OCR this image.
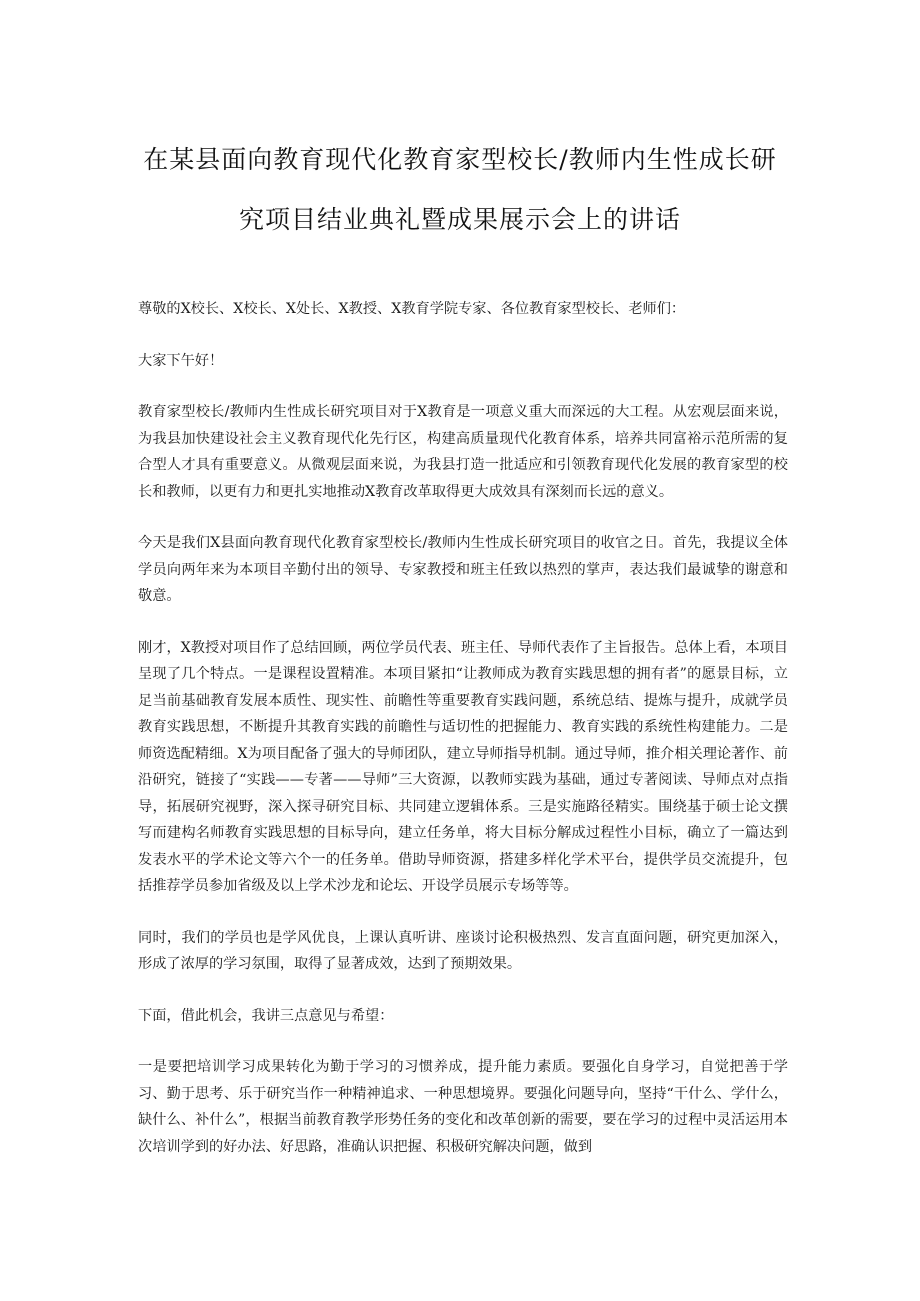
在某县面向教育现代化教育家型校长/教师内生性成长研
究项目结业典礼暨成果展示会上的讲话

尊敬的X校长、X校长、X处长、X教授、X教育学院专家、各位教育家型校长、老师们：

大家下午好！

教育家型校长/教师内生性成长研究项目对于X教育是一项意义重大而深远的大工程。从宏观层面来说，为我县加快建设社会主义教育现代化先行区，构建高质量现代化教育体系，培养共同富裕示范所需的复合型人才具有重要意义。从微观层面来说，为我县打造一批适应和引领教育现代化发展的教育家型的校长和教师，以更有力和更扎实地推动X教育改革取得更大成效具有深刻而长远的意义。

今天是我们X县面向教育现代化教育家型校长/教师内生性成长研究项目的收官之日。首先，我提议全体学员向两年来为本项目辛勤付出的领导、专家教授和班主任致以热烈的掌声，表达我们最诚挚的谢意和敬意。

刚才，X教授对项目作了总结回顾，两位学员代表、班主任、导师代表作了主旨报告。总体上看，本项目呈现了几个特点。一是课程设置精准。本项目紧扣“让教师成为教育实践思想的拥有者”的愿景目标，立足当前基础教育发展本质性、现实性、前瞻性等重要教育实践问题，系统总结、提炼与提升，成就学员教育实践思想，不断提升其教育实践的前瞻性与适切性的把握能力、教育实践的系统性构建能力。二是师资选配精细。X为项目配备了强大的导师团队，建立导师指导机制。通过导师，推介相关理论著作、前沿研究，链接了“实践——专著——导师”三大资源，以教师实践为基础，通过专著阅读、导师点对点指导，拓展研究视野，深入探寻研究目标、共同建立逻辑体系。三是实施路径精实。围绕基于硕士论文撰写而建构名师教育实践思想的目标导向，建立任务单，将大目标分解成过程性小目标，确立了一篇达到发表水平的学术论文等六个一的任务单。借助导师资源，搭建多样化学术平台，提供学员交流提升，包括推荐学员参加省级及以上学术沙龙和论坛、开设学员展示专场等等。

同时，我们的学员也是学风优良，上课认真听讲、座谈讨论积极热烈、发言直面问题，研究更加深入，形成了浓厚的学习氛围，取得了显著成效，达到了预期效果。

下面，借此机会，我讲三点意见与希望：

一是要把培训学习成果转化为勤于学习的习惯养成，提升能力素质。要强化自身学习，自觉把善于学习、勤于思考、乐于研究当作一种精神追求、一种思想境界。要强化问题导向，坚持“干什么、学什么，缺什么、补什么”，根据当前教育教学形势任务的变化和改革创新的需要，要在学习的过程中灵活运用本次培训学到的好办法、好思路，准确认识把握、积极研究解决问题，做到
